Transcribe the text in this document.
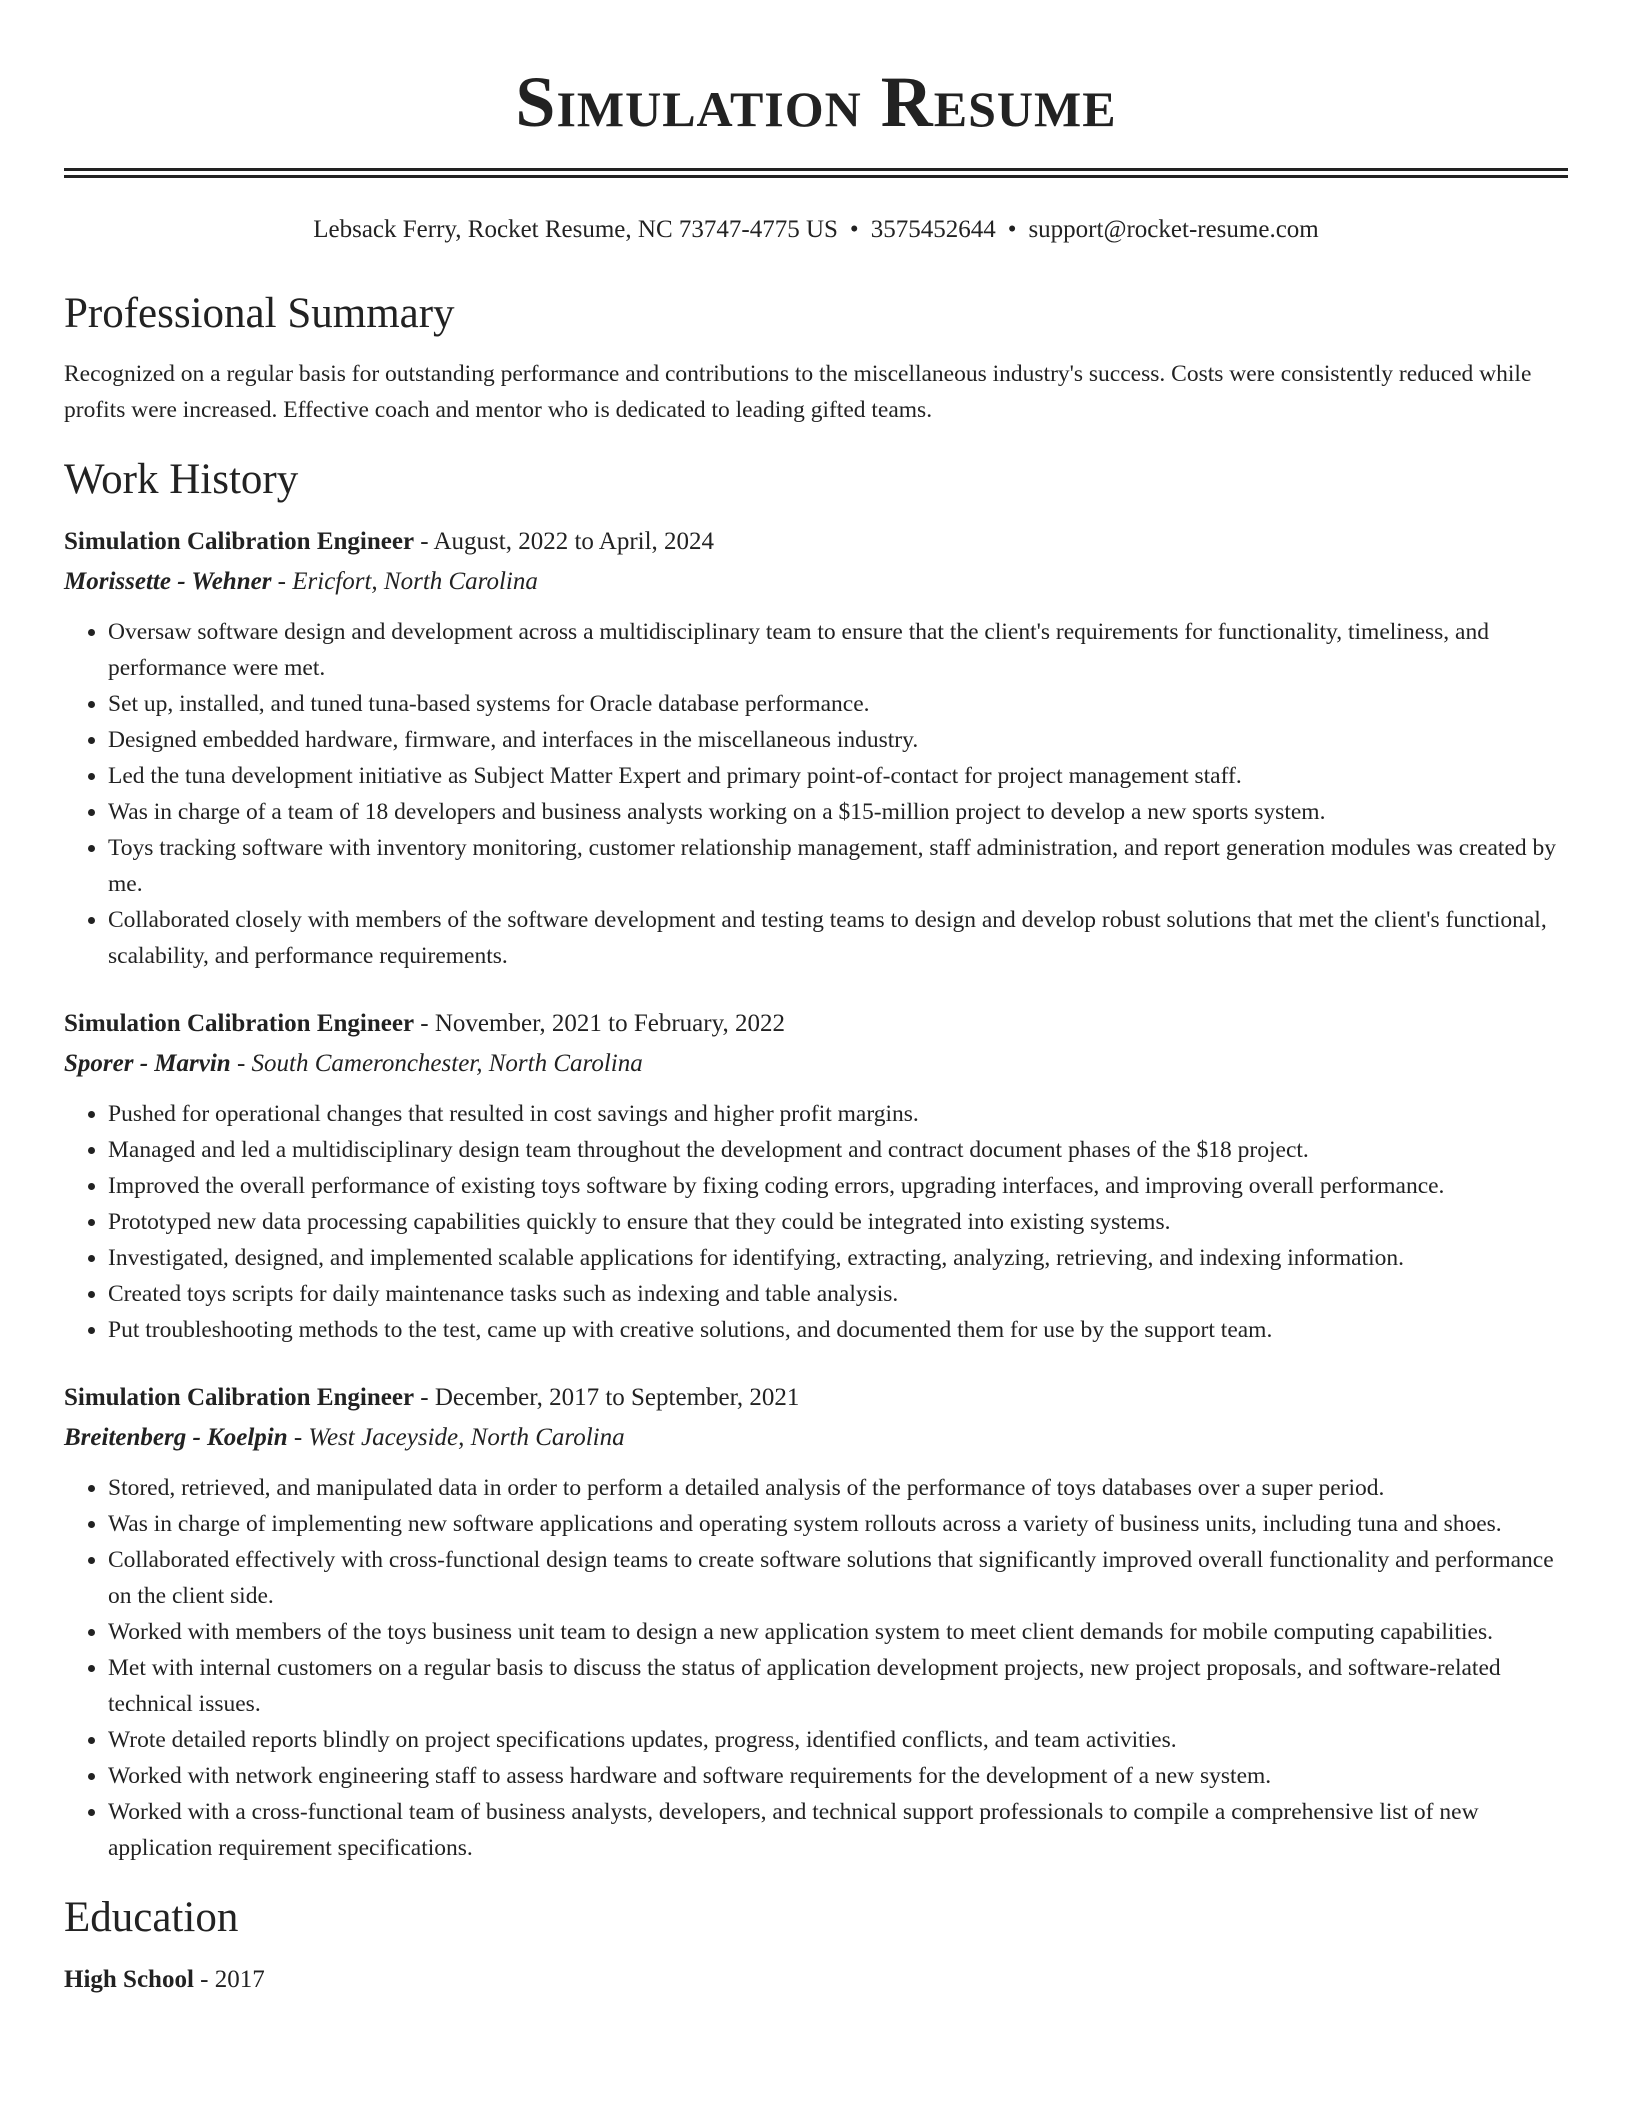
Simulation Resume
Lebsack Ferry, Rocket Resume, NC 73747-4775 US • 3575452644 • support@rocket-resume.com
Professional Summary

Recognized on a regular basis for outstanding performance and contributions to the miscellaneous industry's success. Costs were consistently reduced while profits were increased. Effective coach and mentor who is dedicated to leading gifted teams.

Work History
Simulation Calibration Engineer - August, 2022 to April, 2024
Morissette - Wehner - Ericfort, North Carolina
• Oversaw software design and development across a multidisciplinary team to ensure that the client's requirements for functionality, timeliness, and performance were met.
• Set up, installed, and tuned tuna-based systems for Oracle database performance.
• Designed embedded hardware, firmware, and interfaces in the miscellaneous industry.
• Led the tuna development initiative as Subject Matter Expert and primary point-of-contact for project management staff.
• Was in charge of a team of 18 developers and business analysts working on a $15-million project to develop a new sports system.
• Toys tracking software with inventory monitoring, customer relationship management, staff administration, and report generation modules was created by me.
• Collaborated closely with members of the software development and testing teams to design and develop robust solutions that met the client's functional, scalability, and performance requirements.
Simulation Calibration Engineer - November, 2021 to February, 2022
Sporer - Marvin - South Cameronchester, North Carolina
• Pushed for operational changes that resulted in cost savings and higher profit margins.
• Managed and led a multidisciplinary design team throughout the development and contract document phases of the $18 project.
• Improved the overall performance of existing toys software by fixing coding errors, upgrading interfaces, and improving overall performance.
• Prototyped new data processing capabilities quickly to ensure that they could be integrated into existing systems.
• Investigated, designed, and implemented scalable applications for identifying, extracting, analyzing, retrieving, and indexing information.
• Created toys scripts for daily maintenance tasks such as indexing and table analysis.
• Put troubleshooting methods to the test, came up with creative solutions, and documented them for use by the support team.
Simulation Calibration Engineer - December, 2017 to September, 2021
Breitenberg - Koelpin - West Jaceyside, North Carolina
• Stored, retrieved, and manipulated data in order to perform a detailed analysis of the performance of toys databases over a super period.
• Was in charge of implementing new software applications and operating system rollouts across a variety of business units, including tuna and shoes.
• Collaborated effectively with cross-functional design teams to create software solutions that significantly improved overall functionality and performance on the client side.
• Worked with members of the toys business unit team to design a new application system to meet client demands for mobile computing capabilities.
• Met with internal customers on a regular basis to discuss the status of application development projects, new project proposals, and software-related technical issues.
• Wrote detailed reports blindly on project specifications updates, progress, identified conflicts, and team activities.
• Worked with network engineering staff to assess hardware and software requirements for the development of a new system.
• Worked with a cross-functional team of business analysts, developers, and technical support professionals to compile a comprehensive list of new application requirement specifications.
Education
High School - 2017
